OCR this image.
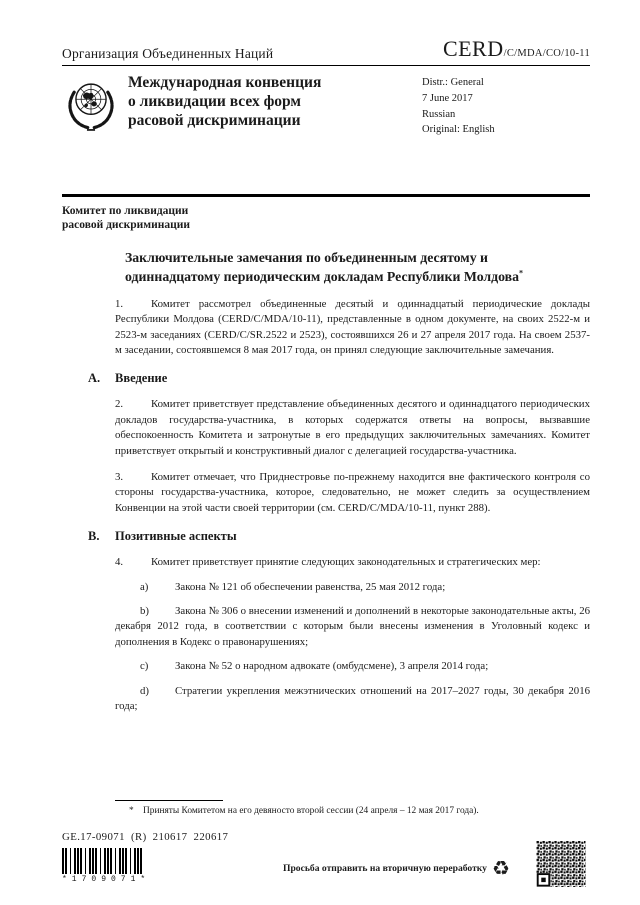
Организация Объединенных Наций	CERD/C/MDA/CO/10-11
Международная конвенция
о ликвидации всех форм
расовой дискриминации
Distr.: General
7 June 2017
Russian
Original: English
Комитет по ликвидации
расовой дискриминации
Заключительные замечания по объединенным десятому и одиннадцатому периодическим докладам Республики Молдова*

1.	Комитет рассмотрел объединенные десятый и одиннадцатый периодические доклады Республики Молдова (CERD/C/MDA/10-11), представленные в одном документе, на своих 2522-м и 2523-м заседаниях (CERD/C/SR.2522 и 2523), состоявшихся 26 и 27 апреля 2017 года. На своем 2537-м заседании, состоявшемся 8 мая 2017 года, он принял следующие заключительные замечания.

A. Введение

2.	Комитет приветствует представление объединенных десятого и одиннадцатого периодических докладов государства-участника, в которых содержатся ответы на вопросы, вызвавшие обеспокоенность Комитета и затронутые в его предыдущих заключительных замечаниях. Комитет приветствует открытый и конструктивный диалог с делегацией государства-участника.

3.	Комитет отмечает, что Приднестровье по-прежнему находится вне фактического контроля со стороны государства-участника, которое, следовательно, не может следить за осуществлением Конвенции на этой части своей территории (см. CERD/C/MDA/10-11, пункт 288).

B. Позитивные аспекты

4.	Комитет приветствует принятие следующих законодательных и стратегических мер:

a) Закона № 121 об обеспечении равенства, 25 мая 2012 года;

b) Закона № 306 о внесении изменений и дополнений в некоторые законодательные акты, 26 декабря 2012 года, в соответствии с которым были внесены изменения в Уголовный кодекс и дополнения в Кодекс о правонарушениях;

c) Закона № 52 о народном адвокате (омбудсмене), 3 апреля 2014 года;

d) Стратегии укрепления межэтнических отношений на 2017–2027 годы, 30 декабря 2016 года;

* Приняты Комитетом на его девяносто второй сессии (24 апреля – 12 мая 2017 года).
GE.17-09071 (R) 210617 220617
*1709071*
Просьба отправить на вторичную переработку ♻
